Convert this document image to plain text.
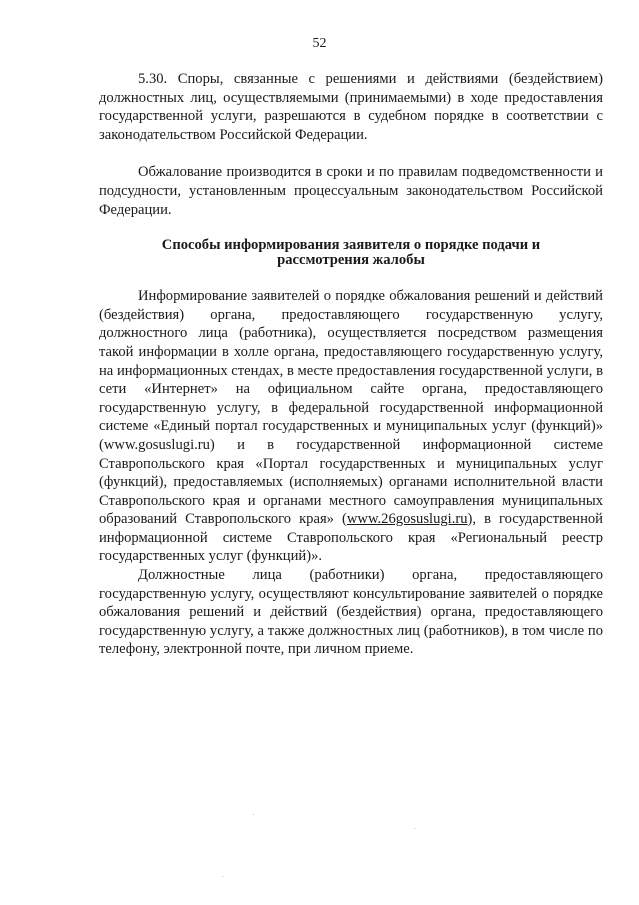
52

5.30. Споры, связанные с решениями и действиями (бездействием) должностных лиц, осуществляемыми (принимаемыми) в ходе предоставления государственной услуги, разрешаются в судебном порядке в соответствии с законодательством Российской Федерации.

Обжалование производится в сроки и по правилам подведомственности и подсудности, установленным процессуальным законодательством Российской Федерации.

Способы информирования заявителя о порядке подачи и рассмотрения жалобы

Информирование заявителей о порядке обжалования решений и действий (бездействия) органа, предоставляющего государственную услугу, должностного лица (работника), осуществляется посредством размещения такой информации в холле органа, предоставляющего государственную услугу, на информационных стендах, в месте предоставления государственной услуги, в сети «Интернет» на официальном сайте органа, предоставляющего государственную услугу, в федеральной государственной информационной системе «Единый портал государственных и муниципальных услуг (функций)» (www.gosuslugi.ru) и в государственной информационной системе Ставропольского края «Портал государственных и муниципальных услуг (функций), предоставляемых (исполняемых) органами исполнительной власти Ставропольского края и органами местного самоуправления муниципальных образований Ставропольского края» (www.26gosuslugi.ru), в государственной информационной системе Ставропольского края «Региональный реестр государственных услуг (функций)».

Должностные лица (работники) органа, предоставляющего государственную услугу, осуществляют консультирование заявителей о порядке обжалования решений и действий (бездействия) органа, предоставляющего государственную услугу, а также должностных лиц (работников), в том числе по телефону, электронной почте, при личном приеме.
